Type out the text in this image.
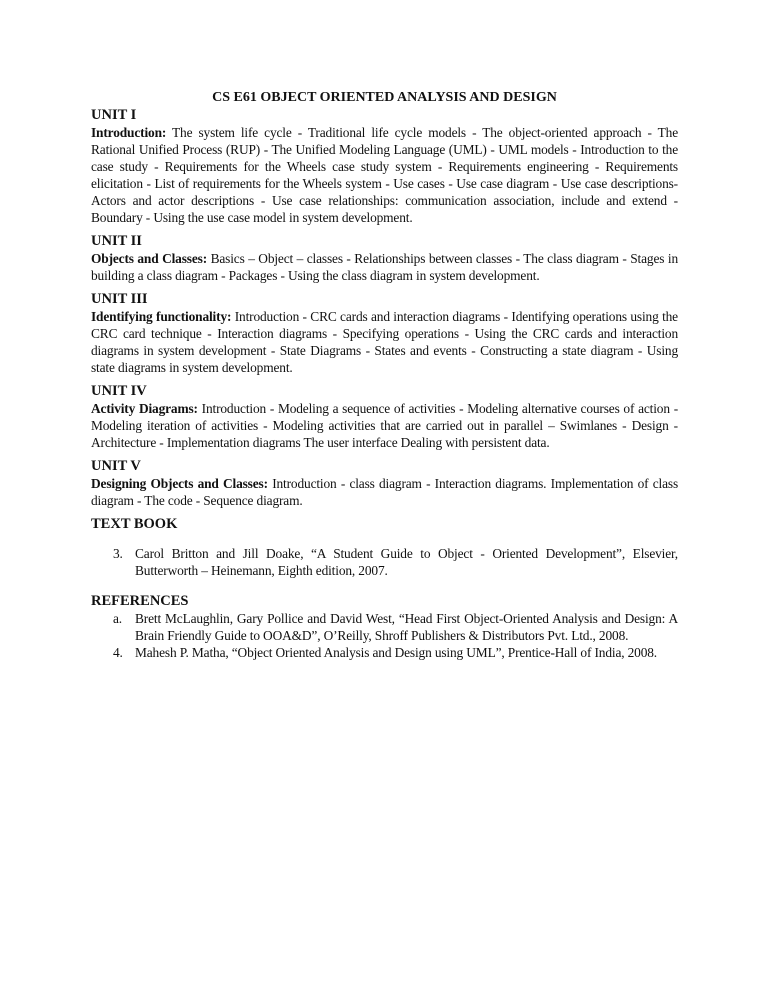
CS E61 OBJECT ORIENTED ANALYSIS AND DESIGN

UNIT I

Introduction: The system life cycle - Traditional life cycle models - The object-oriented approach - The Rational Unified Process (RUP) - The Unified Modeling Language (UML) - UML models - Introduction to the case study - Requirements for the Wheels case study system - Requirements engineering - Requirements elicitation - List of requirements for the Wheels system - Use cases - Use case diagram - Use case descriptions- Actors and actor descriptions - Use case relationships: communication association, include and extend - Boundary - Using the use case model in system development.

UNIT II

Objects and Classes: Basics – Object – classes - Relationships between classes - The class diagram - Stages in building a class diagram - Packages - Using the class diagram in system development.

UNIT III

Identifying functionality: Introduction - CRC cards and interaction diagrams - Identifying operations using the CRC card technique - Interaction diagrams - Specifying operations - Using the CRC cards and interaction diagrams in system development - State Diagrams - States and events - Constructing a state diagram - Using state diagrams in system development.

UNIT IV

Activity Diagrams: Introduction - Modeling a sequence of activities - Modeling alternative courses of action - Modeling iteration of activities - Modeling activities that are carried out in parallel – Swimlanes - Design - Architecture - Implementation diagrams The user interface Dealing with persistent data.

UNIT V

Designing Objects and Classes: Introduction - class diagram - Interaction diagrams. Implementation of class diagram - The code - Sequence diagram.

TEXT BOOK

3. Carol Britton and Jill Doake, “A Student Guide to Object - Oriented Development”, Elsevier, Butterworth – Heinemann, Eighth edition, 2007.

REFERENCES

a. Brett McLaughlin, Gary Pollice and David West, “Head First Object-Oriented Analysis and Design: A Brain Friendly Guide to OOA&D”, O’Reilly, Shroff Publishers & Distributors Pvt. Ltd., 2008.
4. Mahesh P. Matha, “Object Oriented Analysis and Design using UML”, Prentice-Hall of India, 2008.
